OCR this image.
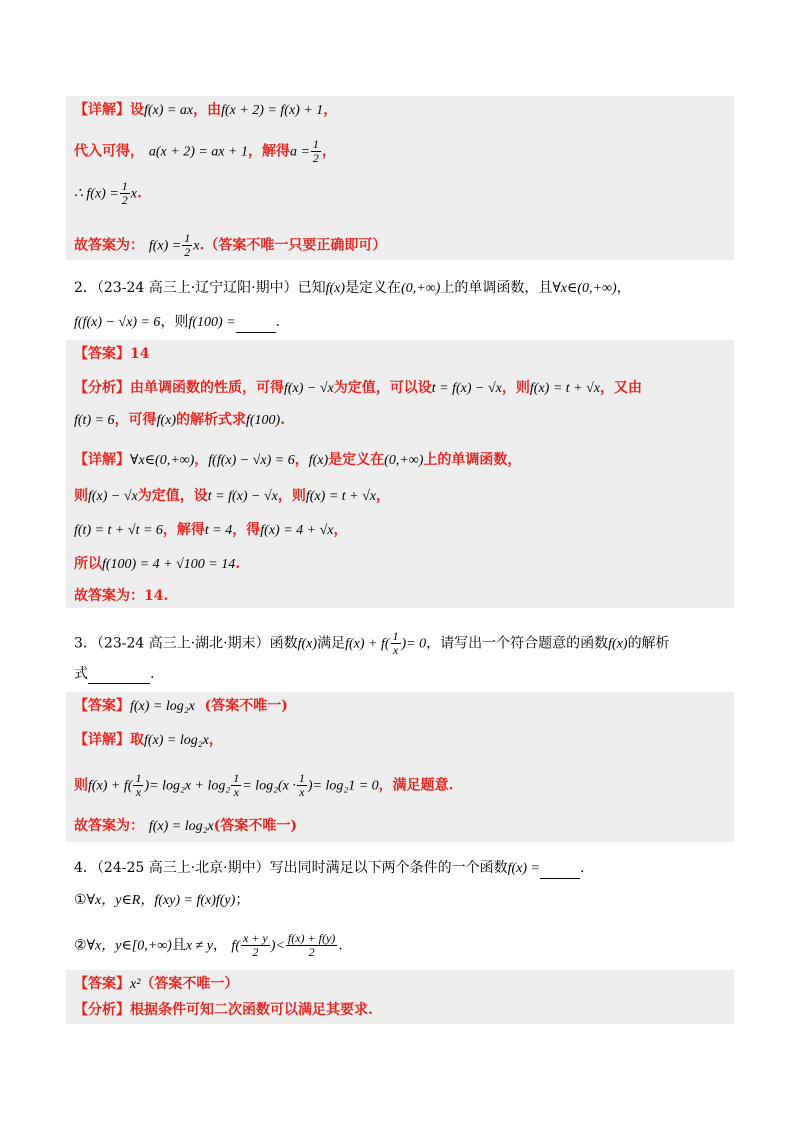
【详解】设f(x) = ax，由f(x + 2) = f(x) + 1，
代入可得， a(x + 2) = ax + 1，解得$a = \frac{1}{2}$ ，
∴ $f(x) = \frac{1}{2} x$.
故答案为： $f(x) = \frac{1}{2} x$.（答案不唯一只要正确即可）
2．（23-24 高三上·辽宁辽阳·期中）已知f(x)是定义在(0,+∞)上的单调函数，且∀x∈(0,+∞)，
f(f(x) − √x) = 6，则f(100) =	.
【答案】14
【分析】由单调函数的性质，可得f(x) − √x为定值，可以设t = f(x) − √x，则f(x) = t + √x，又由
f(t) = 6，可得f(x)的解析式求f(100).
【详解】∀x∈(0,+∞)，f(f(x) − √x) = 6，f(x)是定义在(0,+∞)上的单调函数，
则f(x) − √x为定值，设t = f(x) − √x，则f(x) = t + √x，
f(t) = t + √t = 6，解得t = 4，得f(x) = 4 + √x，
所以f(100) = 4 + √100 = 14.
故答案为：14.
3．（23-24 高三上·湖北·期末）函数f(x)满足$f(x) + f( \frac{1}{x}$ )= 0，请写出一个符合题意的函数f(x)的解析
式	.
【答案】f(x) = log₂x (答案不唯一)
【详解】取f(x) = log₂x，
则$f(x) + f( \frac{1}{x}$ )= $\log_2x + \log_2 \frac{1}{x} = \log_2(x \cdot \frac{1}{x}$ )= log₂1 = 0，满足题意.
故答案为： f(x) = log₂x(答案不唯一)
4．（24-25 高三上·北京·期中）写出同时满足以下两个条件的一个函数f(x) =	.
①∀x，y∈R，f(xy) = f(x)f(y)；
②∀x，y∈[0,+∞)且x ≠ y， $f( \frac{x + y}{2}$ )< $\frac{f(x) + f(y)}{2}$ .
【答案】x²（答案不唯一）
【分析】根据条件可知二次函数可以满足其要求.
